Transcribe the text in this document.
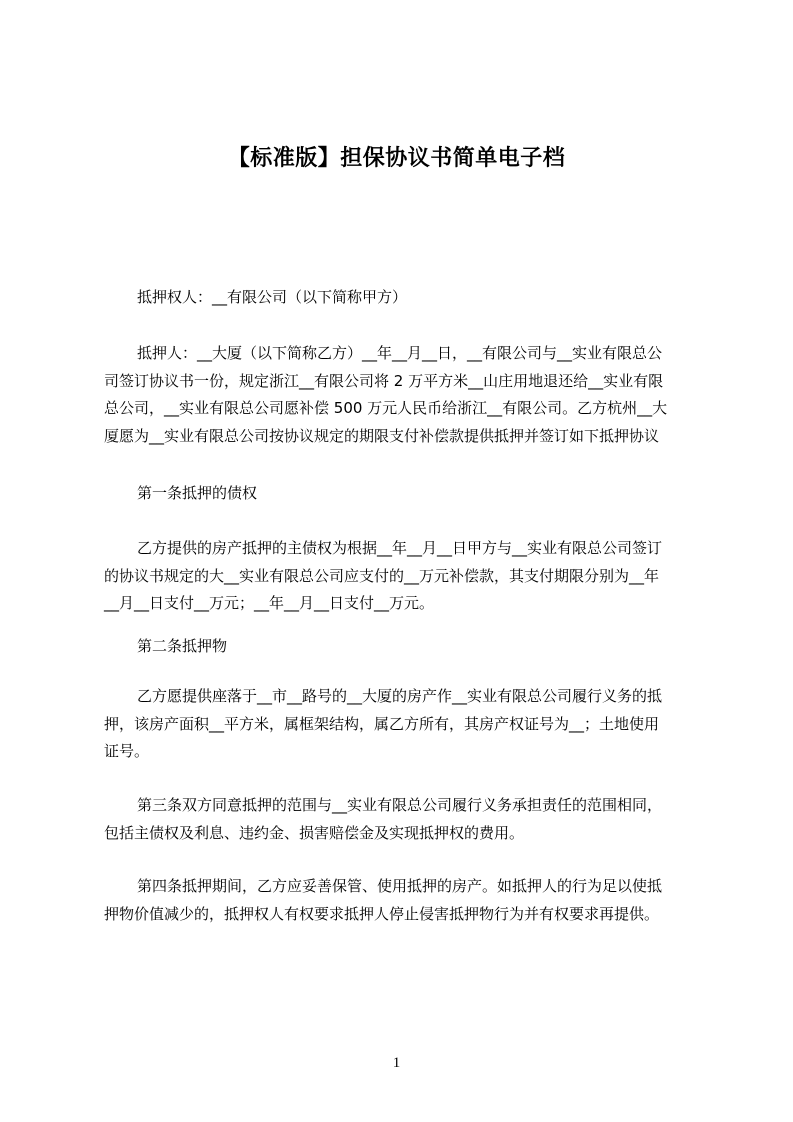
【标准版】担保协议书简单电子档
抵押权人：__有限公司（以下简称甲方）
抵押人：__大厦（以下简称乙方）__年__月__日，__有限公司与__实业有限总公
司签订协议书一份，规定浙江__有限公司将 2 万平方米__山庄用地退还给__实业有限
总公司，__实业有限总公司愿补偿 500 万元人民币给浙江__有限公司。乙方杭州__大
厦愿为__实业有限总公司按协议规定的期限支付补偿款提供抵押并签订如下抵押协议
第一条抵押的债权
乙方提供的房产抵押的主债权为根据__年__月__日甲方与__实业有限总公司签订
的协议书规定的大__实业有限总公司应支付的__万元补偿款，其支付期限分别为__年
__月__日支付__万元；__年__月__日支付__万元。
第二条抵押物
乙方愿提供座落于__市__路号的__大厦的房产作__实业有限总公司履行义务的抵
押，该房产面积__平方米，属框架结构，属乙方所有，其房产权证号为__；土地使用
证号。
第三条双方同意抵押的范围与__实业有限总公司履行义务承担责任的范围相同，
包括主债权及利息、违约金、损害赔偿金及实现抵押权的费用。
第四条抵押期间，乙方应妥善保管、使用抵押的房产。如抵押人的行为足以使抵
押物价值减少的，抵押权人有权要求抵押人停止侵害抵押物行为并有权要求再提供。
1
